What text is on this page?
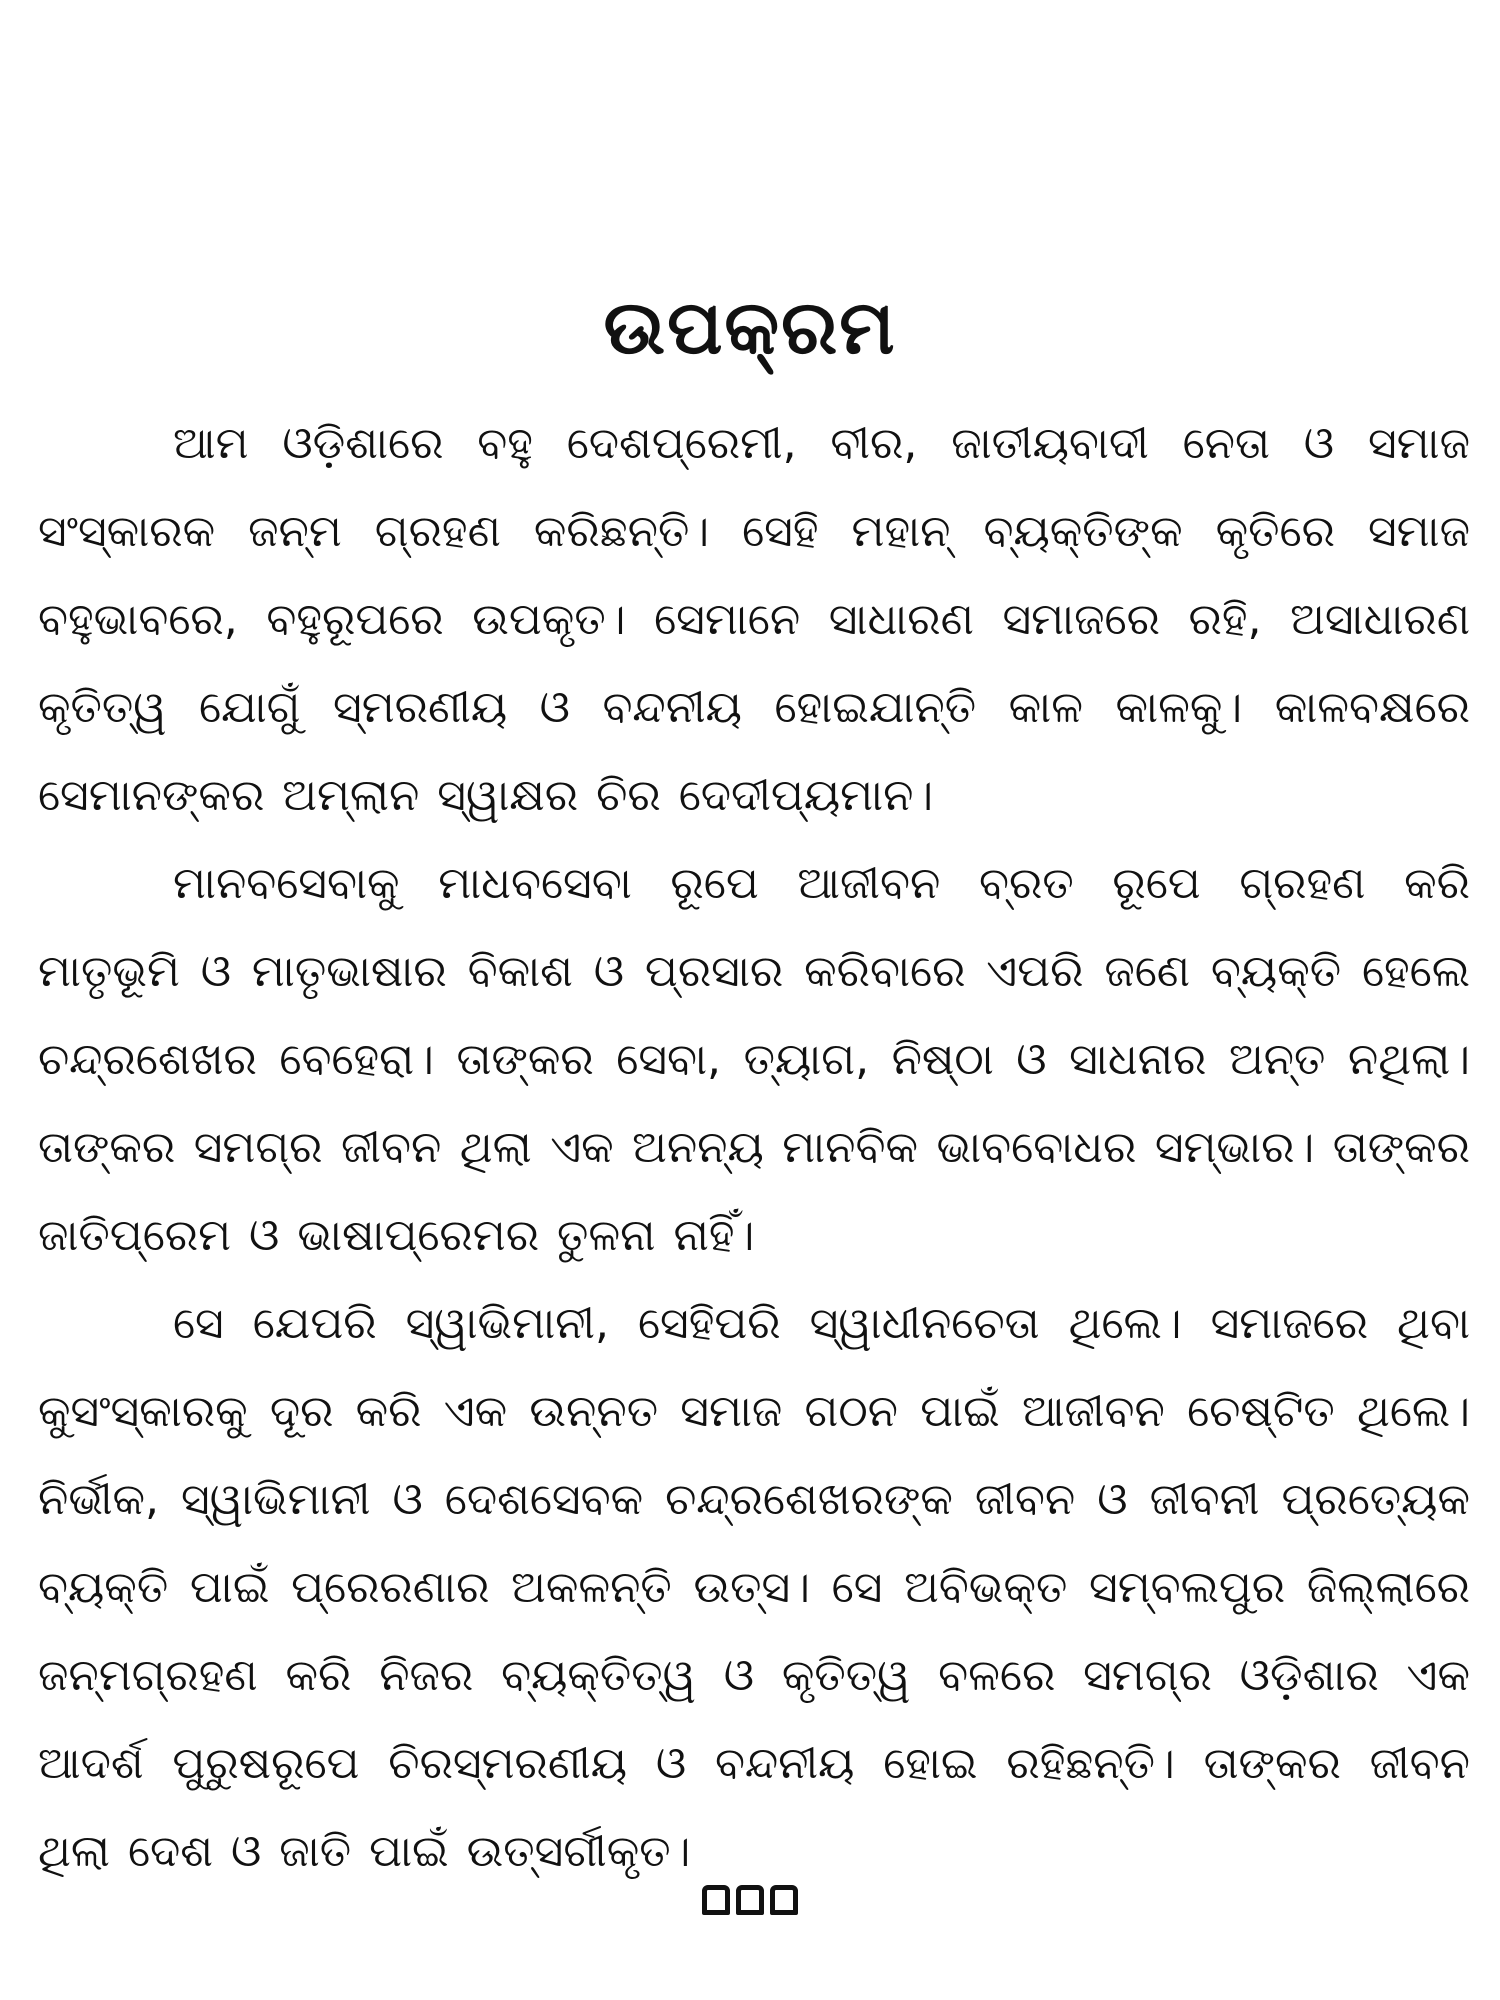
ଉପକ୍ରମ

ଆମ ଓଡ଼ିଶାରେ ବହୁ ଦେଶପ୍ରେମୀ, ବୀର, ଜାତୀୟବାଦୀ ନେତା ଓ ସମାଜ ସଂସ୍କାରକ ଜନ୍ମ ଗ୍ରହଣ କରିଛନ୍ତି। ସେହି ମହାନ୍ ବ୍ୟକ୍ତିଙ୍କ କୃତିରେ ସମାଜ ବହୁଭାବରେ, ବହୁରୂପରେ ଉପକୃତ। ସେମାନେ ସାଧାରଣ ସମାଜରେ ରହି, ଅସାଧାରଣ କୃତିତ୍ୱ ଯୋଗୁଁ ସ୍ମରଣୀୟ ଓ ବନ୍ଦନୀୟ ହୋଇଯାନ୍ତି କାଳ କାଳକୁ। କାଳବକ୍ଷରେ ସେମାନଙ୍କର ଅମ୍ଲାନ ସ୍ୱାକ୍ଷର ଚିର ଦେଦୀପ୍ୟମାନ।

ମାନବସେବାକୁ ମାଧବସେବା ରୂପେ ଆଜୀବନ ବ୍ରତ ରୂପେ ଗ୍ରହଣ କରି ମାତୃଭୂମି ଓ ମାତୃଭାଷାର ବିକାଶ ଓ ପ୍ରସାର କରିବାରେ ଏପରି ଜଣେ ବ୍ୟକ୍ତି ହେଲେ ଚନ୍ଦ୍ରଶେଖର ବେହେରା। ତାଙ୍କର ସେବା, ତ୍ୟାଗ, ନିଷ୍ଠା ଓ ସାଧନାର ଅନ୍ତ ନଥିଲା। ତାଙ୍କର ସମଗ୍ର ଜୀବନ ଥିଲା ଏକ ଅନନ୍ୟ ମାନବିକ ଭାବବୋଧର ସମ୍ଭାର। ତାଙ୍କର ଜାତିପ୍ରେମ ଓ ଭାଷାପ୍ରେମର ତୁଳନା ନାହିଁ।

ସେ ଯେପରି ସ୍ୱାଭିମାନୀ, ସେହିପରି ସ୍ୱାଧୀନଚେତା ଥିଲେ। ସମାଜରେ ଥିବା କୁସଂସ୍କାରକୁ ଦୂର କରି ଏକ ଉନ୍ନତ ସମାଜ ଗଠନ ପାଇଁ ଆଜୀବନ ଚେଷ୍ଟିତ ଥିଲେ। ନିର୍ଭୀକ, ସ୍ୱାଭିମାନୀ ଓ ଦେଶସେବକ ଚନ୍ଦ୍ରଶେଖରଙ୍କ ଜୀବନ ଓ ଜୀବନୀ ପ୍ରତ୍ୟେକ ବ୍ୟକ୍ତି ପାଇଁ ପ୍ରେରଣାର ଅକଳନ୍ତି ଉତ୍ସ। ସେ ଅବିଭକ୍ତ ସମ୍ବଲପୁର ଜିଲ୍ଲାରେ ଜନ୍ମଗ୍ରହଣ କରି ନିଜର ବ୍ୟକ୍ତିତ୍ୱ ଓ କୃତିତ୍ୱ ବଳରେ ସମଗ୍ର ଓଡ଼ିଶାର ଏକ ଆଦର୍ଶ ପୁରୁଷରୂପେ ଚିରସ୍ମରଣୀୟ ଓ ବନ୍ଦନୀୟ ହୋଇ ରହିଛନ୍ତି। ତାଙ୍କର ଜୀବନ ଥିଲା ଦେଶ ଓ ଜାତି ପାଇଁ ଉତ୍ସର୍ଗୀକୃତ।
